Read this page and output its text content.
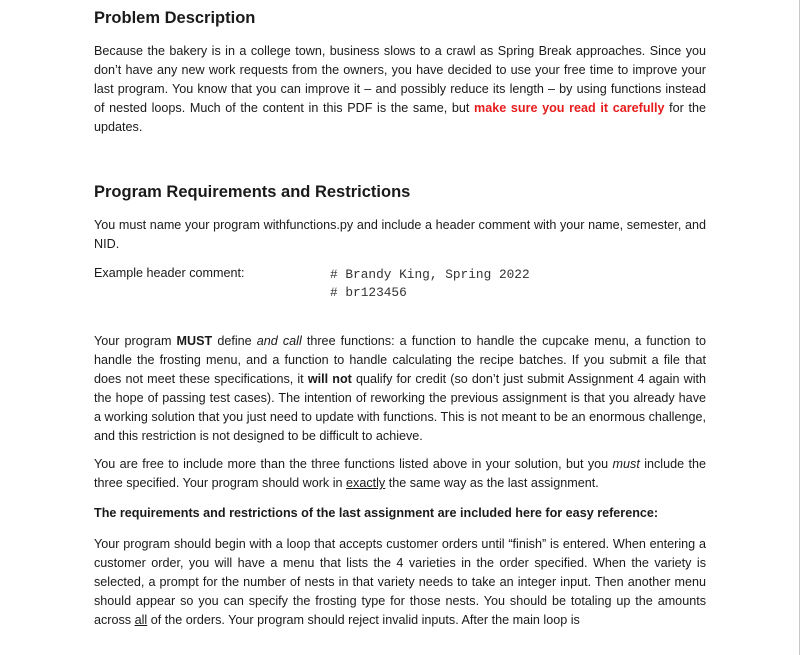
Problem Description

Because the bakery is in a college town, business slows to a crawl as Spring Break approaches. Since you don’t have any new work requests from the owners, you have decided to use your free time to improve your last program. You know that you can improve it – and possibly reduce its length – by using functions instead of nested loops. Much of the content in this PDF is the same, but make sure you read it carefully for the updates.

Program Requirements and Restrictions

You must name your program withfunctions.py and include a header comment with your name, semester, and NID.

Example header comment:	# Brandy King, Spring 2022
# br123456

Your program MUST define and call three functions: a function to handle the cupcake menu, a function to handle the frosting menu, and a function to handle calculating the recipe batches. If you submit a file that does not meet these specifications, it will not qualify for credit (so don’t just submit Assignment 4 again with the hope of passing test cases). The intention of reworking the previous assignment is that you already have a working solution that you just need to update with functions. This is not meant to be an enormous challenge, and this restriction is not designed to be difficult to achieve.

You are free to include more than the three functions listed above in your solution, but you must include the three specified. Your program should work in exactly the same way as the last assignment.

The requirements and restrictions of the last assignment are included here for easy reference:

Your program should begin with a loop that accepts customer orders until “finish” is entered. When entering a customer order, you will have a menu that lists the 4 varieties in the order specified. When the variety is selected, a prompt for the number of nests in that variety needs to take an integer input. Then another menu should appear so you can specify the frosting type for those nests. You should be totaling up the amounts across all of the orders. Your program should reject invalid inputs. After the main loop is
